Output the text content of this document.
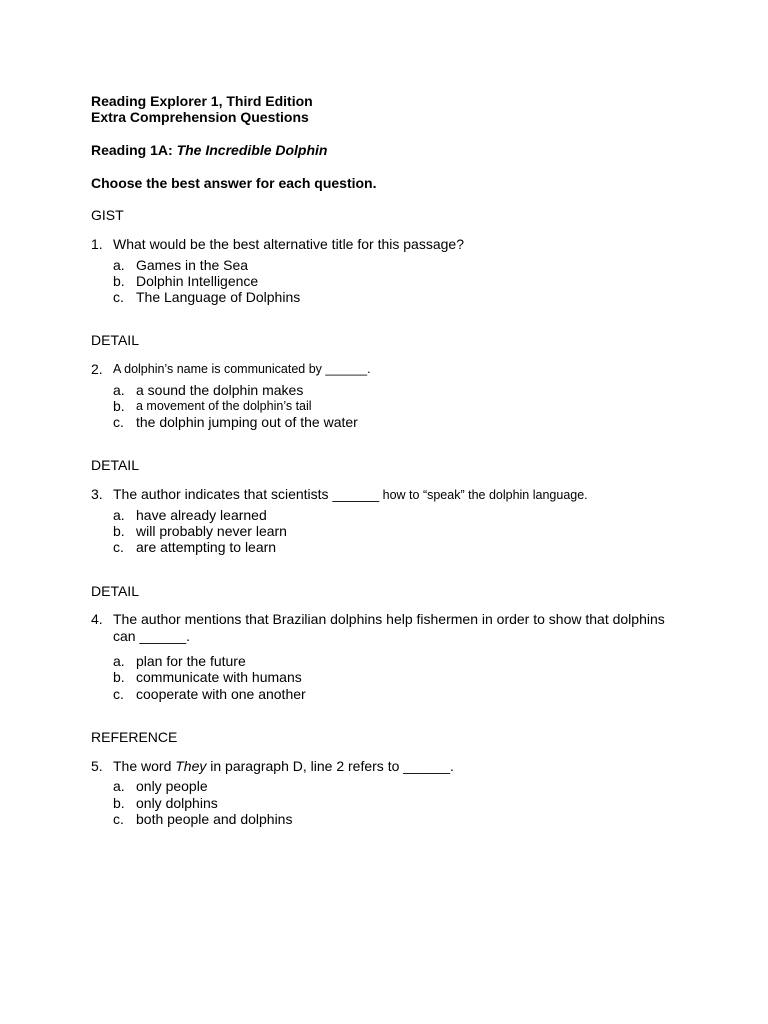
Reading Explorer 1, Third Edition
Extra Comprehension Questions
Reading 1A: The Incredible Dolphin
Choose the best answer for each question.
GIST
1. What would be the best alternative title for this passage?
a. Games in the Sea
b. Dolphin Intelligence
c. The Language of Dolphins
DETAIL
2. A dolphin’s name is communicated by ______.
a. a sound the dolphin makes
b. a movement of the dolphin’s tail
c. the dolphin jumping out of the water
DETAIL
3. The author indicates that scientists ______ how to “speak” the dolphin language.
a. have already learned
b. will probably never learn
c. are attempting to learn
DETAIL
4. The author mentions that Brazilian dolphins help fishermen in order to show that dolphins
can ______.
a. plan for the future
b. communicate with humans
c. cooperate with one another
REFERENCE
5. The word They in paragraph D, line 2 refers to ______.
a. only people
b. only dolphins
c. both people and dolphins
